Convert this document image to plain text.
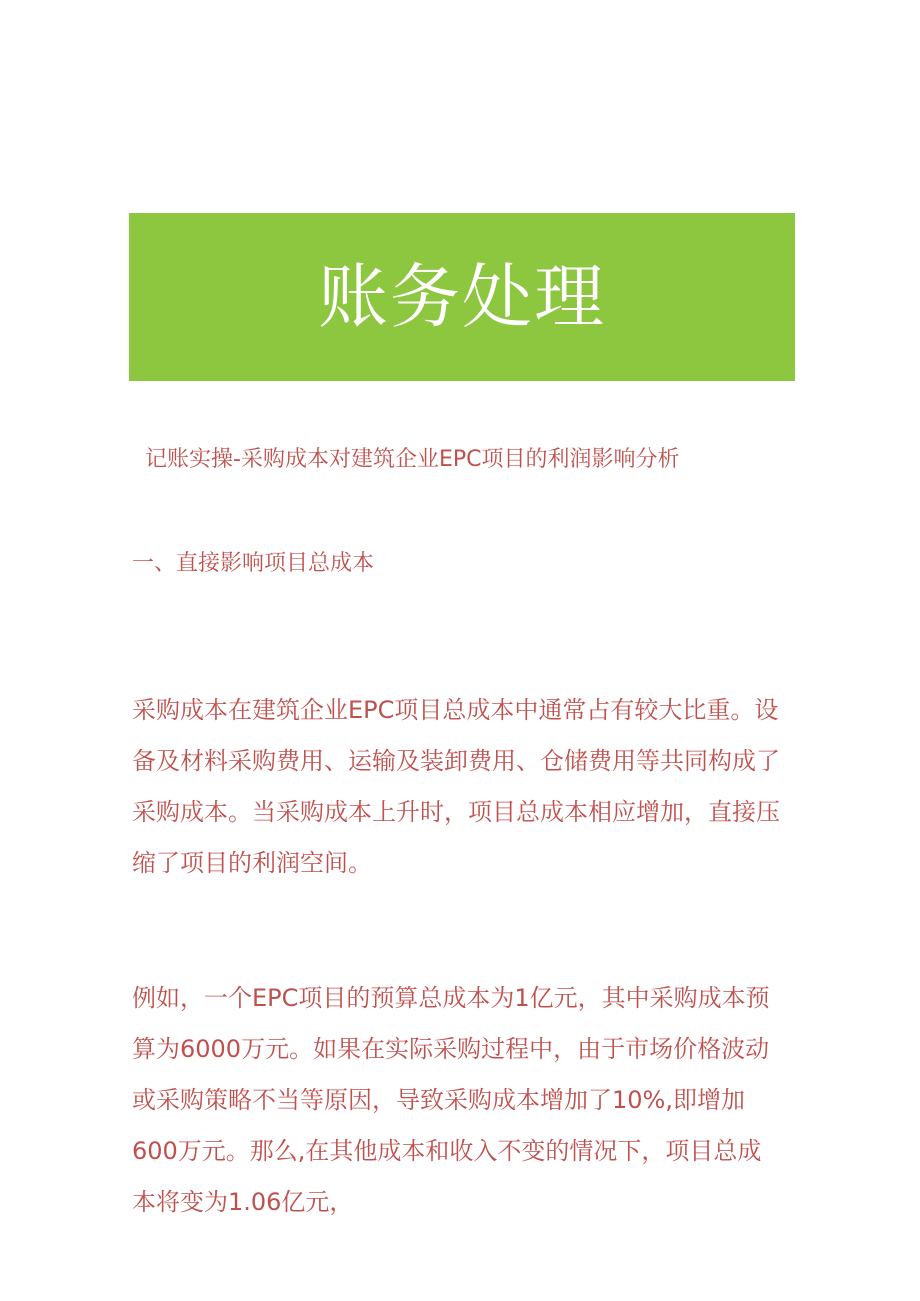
账务处理
记账实操-采购成本对建筑企业EPC项目的利润影响分析
一、直接影响项目总成本

采购成本在建筑企业EPC项目总成本中通常占有较大比重。设备及材料采购费用、运输及装卸费用、仓储费用等共同构成了采购成本。当采购成本上升时，项目总成本相应增加，直接压缩了项目的利润空间。

例如，一个EPC项目的预算总成本为1亿元，其中采购成本预算为6000万元。如果在实际采购过程中，由于市场价格波动或采购策略不当等原因，导致采购成本增加了10%,即增加600万元。那么,在其他成本和收入不变的情况下，项目总成本将变为1.06亿元，
